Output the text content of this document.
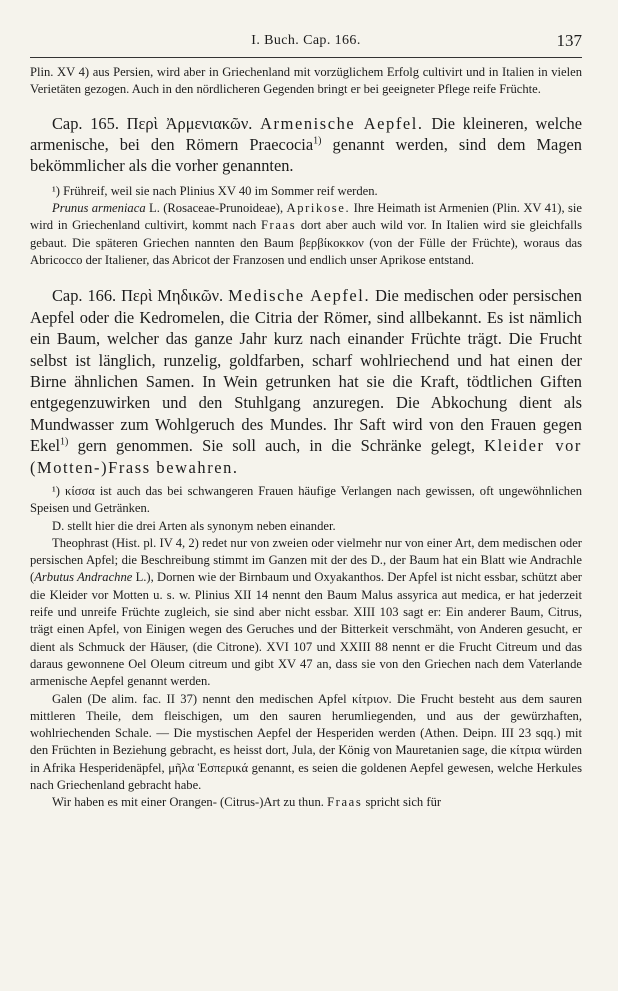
I. Buch. Cap. 166.	137

Plin. XV 4) aus Persien, wird aber in Griechenland mit vorzüglichem Erfolg cultivirt und in Italien in vielen Verietäten gezogen. Auch in den nördlicheren Gegenden bringt er bei geeigneter Pflege reife Früchte.

Cap. 165. Περὶ Ἀρμενιακῶν. Armenische Aepfel. Die kleineren, welche armenische, bei den Römern Praecocia$^{1)}$ genannt werden, sind dem Magen bekömmlicher als die vorher genannten.

¹) Frühreif, weil sie nach Plinius XV 40 im Sommer reif werden.

Prunus armeniaca L. (Rosaceae-Prunoideae), Aprikose. Ihre Heimath ist Armenien (Plin. XV 41), sie wird in Griechenland cultivirt, kommt nach Fraas dort aber auch wild vor. In Italien wird sie gleichfalls gebaut. Die späteren Griechen nannten den Baum βερβίκοκκον (von der Fülle der Früchte), woraus das Abricocco der Italiener, das Abricot der Franzosen und endlich unser Aprikose entstand.

Cap. 166. Περὶ Μηδικῶν. Medische Aepfel. Die medischen oder persischen Aepfel oder die Kedromelen, die Citria der Römer, sind allbekannt. Es ist nämlich ein Baum, welcher das ganze Jahr kurz nach einander Früchte trägt. Die Frucht selbst ist länglich, runzelig, goldfarben, scharf wohlriechend und hat einen der Birne ähnlichen Samen. In Wein getrunken hat sie die Kraft, tödtlichen Giften entgegenzuwirken und den Stuhlgang anzuregen. Die Abkochung dient als Mundwasser zum Wohlgeruch des Mundes. Ihr Saft wird von den Frauen gegen Ekel$^{1)}$ gern genommen. Sie soll auch, in die Schränke gelegt, Kleider vor (Motten-)Frass bewahren.

¹) κίσσα ist auch das bei schwangeren Frauen häufige Verlangen nach gewissen, oft ungewöhnlichen Speisen und Getränken.

D. stellt hier die drei Arten als synonym neben einander.

Theophrast (Hist. pl. IV 4, 2) redet nur von zweien oder vielmehr nur von einer Art, dem medischen oder persischen Apfel; die Beschreibung stimmt im Ganzen mit der des D., der Baum hat ein Blatt wie Andrachle (Arbutus Andrachne L.), Dornen wie der Birnbaum und Oxyakanthos. Der Apfel ist nicht essbar, schützt aber die Kleider vor Motten u. s. w. Plinius XII 14 nennt den Baum Malus assyrica aut medica, er hat jederzeit reife und unreife Früchte zugleich, sie sind aber nicht essbar. XIII 103 sagt er: Ein anderer Baum, Citrus, trägt einen Apfel, von Einigen wegen des Geruches und der Bitterkeit verschmäht, von Anderen gesucht, er dient als Schmuck der Häuser, (die Citrone). XVI 107 und XXIII 88 nennt er die Frucht Citreum und das daraus gewonnene Oel Oleum citreum und gibt XV 47 an, dass sie von den Griechen nach dem Vaterlande armenische Aepfel genannt werden.

Galen (De alim. fac. II 37) nennt den medischen Apfel κίτριον. Die Frucht besteht aus dem sauren mittleren Theile, dem fleischigen, um den sauren herumliegenden, und aus der gewürzhaften, wohlriechenden Schale. — Die mystischen Aepfel der Hesperiden werden (Athen. Deipn. III 23 sqq.) mit den Früchten in Beziehung gebracht, es heisst dort, Jula, der König von Mauretanien sage, die κίτρια würden in Afrika Hesperidenäpfel, μῆλα Ἑσπερικά genannt, es seien die goldenen Aepfel gewesen, welche Herkules nach Griechenland gebracht habe.

Wir haben es mit einer Orangen- (Citrus-)Art zu thun. Fraas spricht sich für
